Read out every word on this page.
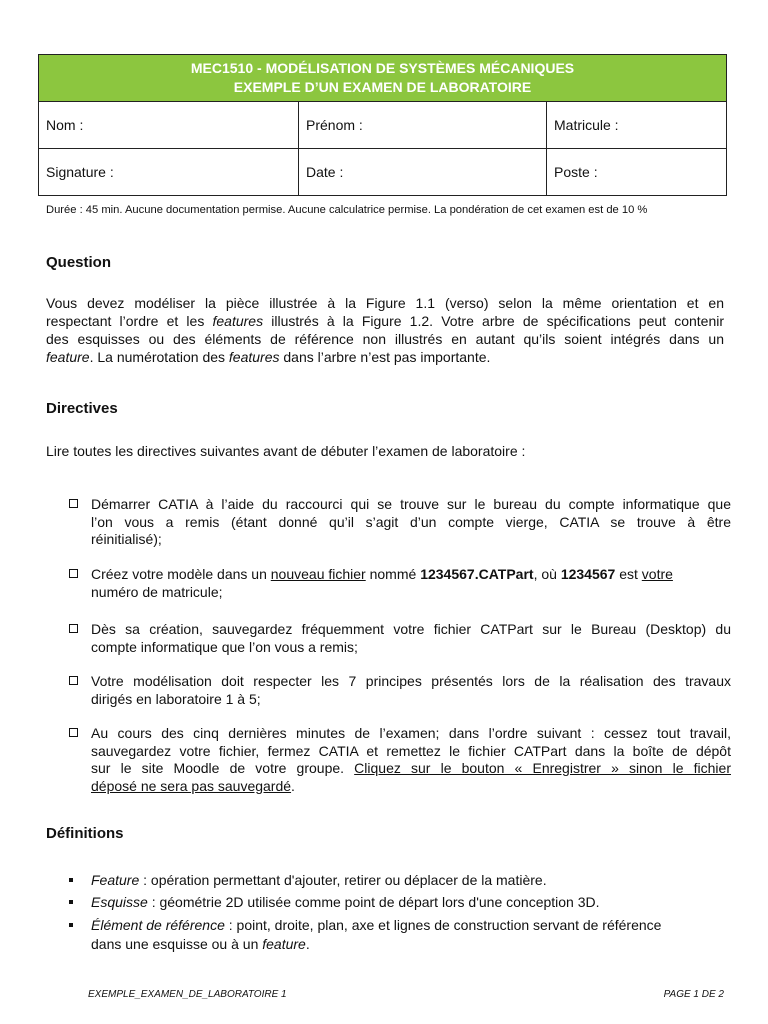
MEC1510 - MODÉLISATION DE SYSTÈMES MÉCANIQUES
EXEMPLE D’UN EXAMEN DE LABORATOIRE		

Nom :	Prénom :	Matricule :
Signature :	Date :	Poste :
Durée : 45 min. Aucune documentation permise. Aucune calculatrice permise. La pondération de cet examen est de 10 %
Question

Vous devez modéliser la pièce illustrée à la Figure 1.1 (verso) selon la même orientation et en
respectant l’ordre et les features illustrés à la Figure 1.2. Votre arbre de spécifications peut contenir
des esquisses ou des éléments de référence non illustrés en autant qu’ils soient intégrés dans un
feature. La numérotation des features dans l’arbre n’est pas importante.

Directives

Lire toutes les directives suivantes avant de débuter l’examen de laboratoire :

Démarrer CATIA à l’aide du raccourci qui se trouve sur le bureau du compte informatique que
l’on vous a remis (étant donné qu’il s’agit d’un compte vierge, CATIA se trouve à être
réinitialisé);
Créez votre modèle dans un nouveau fichier nommé 1234567.CATPart, où 1234567 est votre
numéro de matricule;
Dès sa création, sauvegardez fréquemment votre fichier CATPart sur le Bureau (Desktop) du
compte informatique que l’on vous a remis;
Votre modélisation doit respecter les 7 principes présentés lors de la réalisation des travaux
dirigés en laboratoire 1 à 5;
Au cours des cinq dernières minutes de l’examen; dans l’ordre suivant : cessez tout travail,
sauvegardez votre fichier, fermez CATIA et remettez le fichier CATPart dans la boîte de dépôt
sur le site Moodle de votre groupe. Cliquez sur le bouton « Enregistrer » sinon le fichier
déposé ne sera pas sauvegardé.
Définitions
Feature : opération permettant d'ajouter, retirer ou déplacer de la matière.
Esquisse : géométrie 2D utilisée comme point de départ lors d'une conception 3D.
Élément de référence : point, droite, plan, axe et lignes de construction servant de référence
dans une esquisse ou à un feature.
EXEMPLE_EXAMEN_DE_LABORATOIRE 1	PAGE 1 DE 2
